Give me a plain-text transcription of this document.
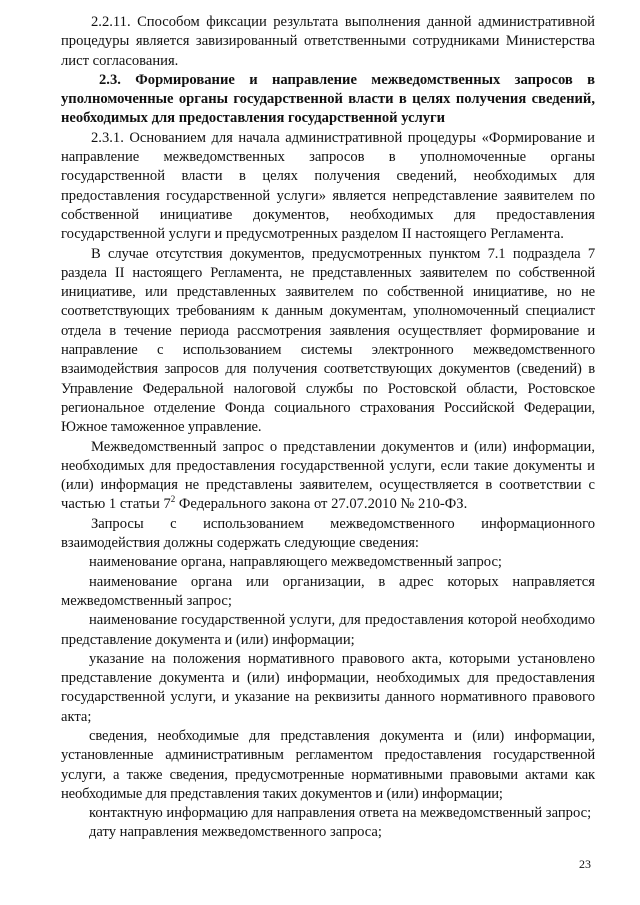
2.2.11. Способом фиксации результата выполнения данной административной процедуры является завизированный ответственными сотрудниками Министерства лист согласования.

2.3. Формирование и направление межведомственных запросов в уполномоченные органы государственной власти в целях получения сведений, необходимых для предоставления государственной услуги

2.3.1. Основанием для начала административной процедуры «Формирование и направление межведомственных запросов в уполномоченные органы государственной власти в целях получения сведений, необходимых для предоставления государственной услуги» является непредставление заявителем по собственной инициативе документов, необходимых для предоставления государственной услуги и предусмотренных разделом II настоящего Регламента.

В случае отсутствия документов, предусмотренных пунктом 7.1 подраздела 7 раздела II настоящего Регламента, не представленных заявителем по собственной инициативе, или представленных заявителем по собственной инициативе, но не соответствующих требованиям к данным документам, уполномоченный специалист отдела в течение периода рассмотрения заявления осуществляет формирование и направление с использованием системы электронного межведомственного взаимодействия запросов для получения соответствующих документов (сведений) в Управление Федеральной налоговой службы по Ростовской области, Ростовское региональное отделение Фонда социального страхования Российской Федерации, Южное таможенное управление.

Межведомственный запрос о представлении документов и (или) информации, необходимых для предоставления государственной услуги, если такие документы и (или) информация не представлены заявителем, осуществляется в соответствии с частью 1 статьи $7^2$ Федерального закона от 27.07.2010 № 210-ФЗ.

Запросы с использованием межведомственного информационного взаимодействия должны содержать следующие сведения:

наименование органа, направляющего межведомственный запрос;

наименование органа или организации, в адрес которых направляется межведомственный запрос;

наименование государственной услуги, для предоставления которой необходимо представление документа и (или) информации;

указание на положения нормативного правового акта, которыми установлено представление документа и (или) информации, необходимых для предоставления государственной услуги, и указание на реквизиты данного нормативного правового акта;

сведения, необходимые для представления документа и (или) информации, установленные административным регламентом предоставления государственной услуги, а также сведения, предусмотренные нормативными правовыми актами как необходимые для представления таких документов и (или) информации;

контактную информацию для направления ответа на межведомственный запрос;

дату направления межведомственного запроса;

23
